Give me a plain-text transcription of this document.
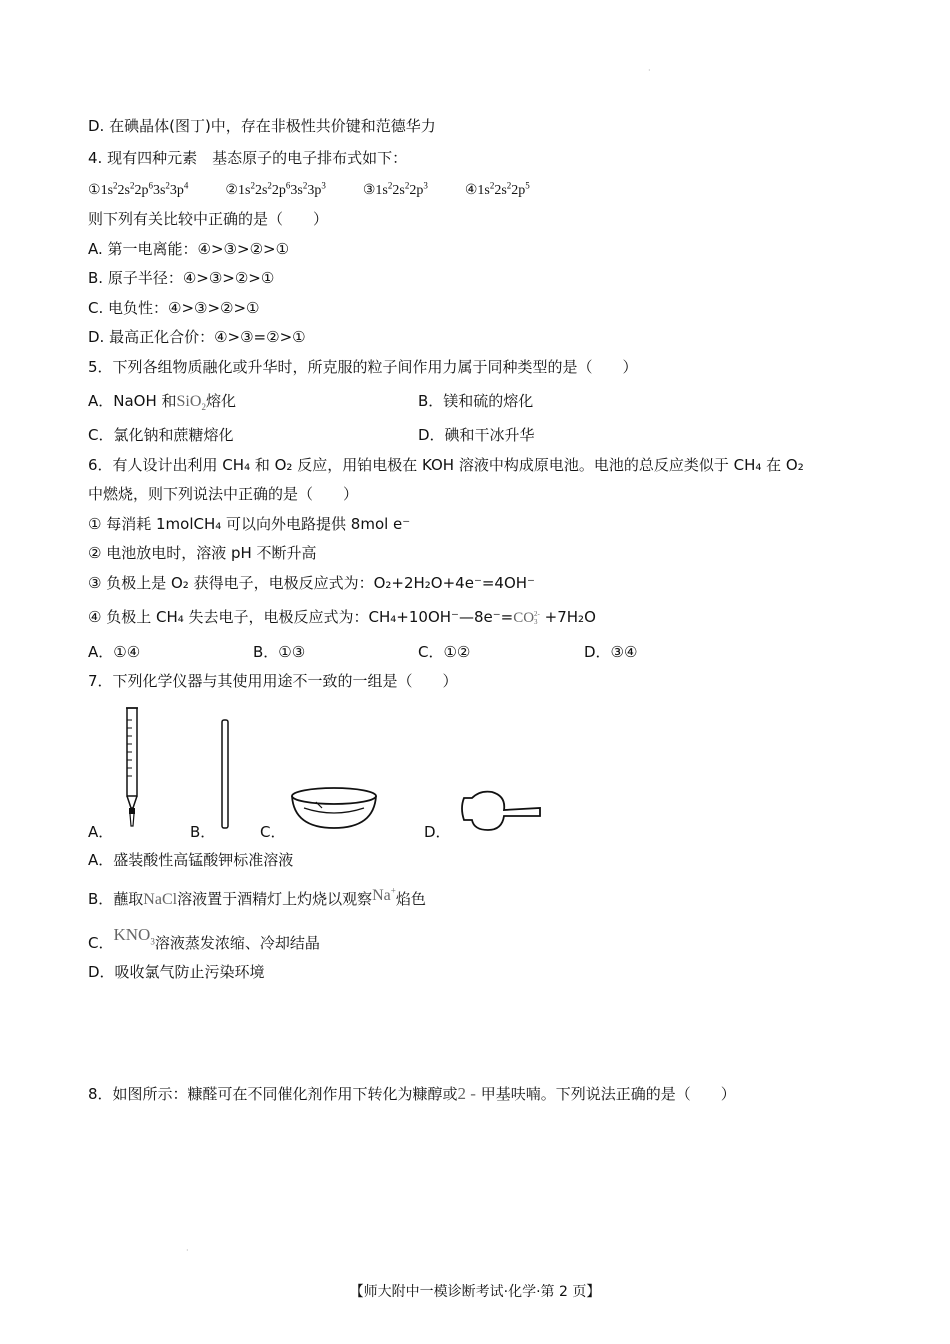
·
D. 在碘晶体(图丁)中，存在非极性共价键和范德华力
4. 现有四种元素　基态原子的电子排布式如下：
$①1s^22s^22p^63s^23p^4$	$②1s^22s^22p^63s^23p^3$	$③1s^22s^22p^3$	$④1s^22s^22p^5$
则下列有关比较中正确的是（　　）
A. 第一电离能：④>③>②>①
B. 原子半径：④>③>②>①
C. 电负性：④>③>②>①
D. 最高正化合价：④>③=②>①
5．下列各组物质融化或升华时，所克服的粒子间作用力属于同种类型的是（　　）
A．NaOH 和SiO$_2$熔化	B．镁和硫的熔化
C．氯化钠和蔗糖熔化	D．碘和干冰升华
6．有人设计出利用 CH₄ 和 O₂ 反应，用铂电极在 KOH 溶液中构成原电池。电池的总反应类似于 CH₄ 在 O₂
中燃烧，则下列说法中正确的是（　　）
① 每消耗 1molCH₄ 可以向外电路提供 8mol e⁻
② 电池放电时，溶液 pH 不断升高
③ 负极上是 O₂ 获得电子，电极反应式为：O₂+2H₂O+4e⁻=4OH⁻
④ 负极上 CH₄ 失去电子，电极反应式为：CH₄+10OH⁻—8e⁻=CO 2-
3 +7H₂O
A．①④	B．①③	C．①②	D．③④
7．下列化学仪器与其使用用途不一致的一组是（　　）
A．	B．	C．	D．
A．盛装酸性高锰酸钾标准溶液
B．蘸取NaCl溶液置于酒精灯上灼烧以观察Na+焰色
C．$KNO_3$溶液蒸发浓缩、冷却结晶
D．吸收氯气防止污染环境
8．如图所示：糠醛可在不同催化剂作用下转化为糠醇或2 - 甲基呋喃。下列说法正确的是（　　）
·
【师大附中一模诊断考试·化学·第 2 页】
